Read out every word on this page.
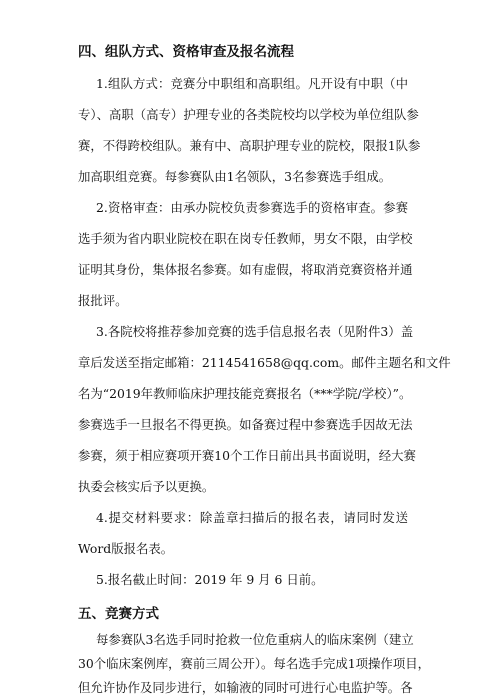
四、组队方式、资格审查及报名流程
1.组队方式：竞赛分中职组和高职组。凡开设有中职（中
专）、高职（高专）护理专业的各类院校均以学校为单位组队参
赛，不得跨校组队。兼有中、高职护理专业的院校，限报1队参
加高职组竞赛。每参赛队由1名领队，3名参赛选手组成。
2.资格审查：由承办院校负责参赛选手的资格审查。参赛
选手须为省内职业院校在职在岗专任教师，男女不限，由学校
证明其身份，集体报名参赛。如有虚假，将取消竞赛资格并通
报批评。
3.各院校将推荐参加竞赛的选手信息报名表（见附件3）盖
章后发送至指定邮箱：2114541658@qq.com。邮件主题名和文件
名为“2019年教师临床护理技能竞赛报名（***学院/学校）”。
参赛选手一旦报名不得更换。如备赛过程中参赛选手因故无法
参赛，须于相应赛项开赛10个工作日前出具书面说明，经大赛
执委会核实后予以更换。
4.提交材料要求：除盖章扫描后的报名表，请同时发送
Word版报名表。
5.报名截止时间：2019 年 9 月 6 日前。
五、竞赛方式
每参赛队3名选手同时抢救一位危重病人的临床案例（建立
30个临床案例库，赛前三周公开）。每名选手完成1项操作项目，
但允许协作及同步进行，如输液的同时可进行心电监护等。各
